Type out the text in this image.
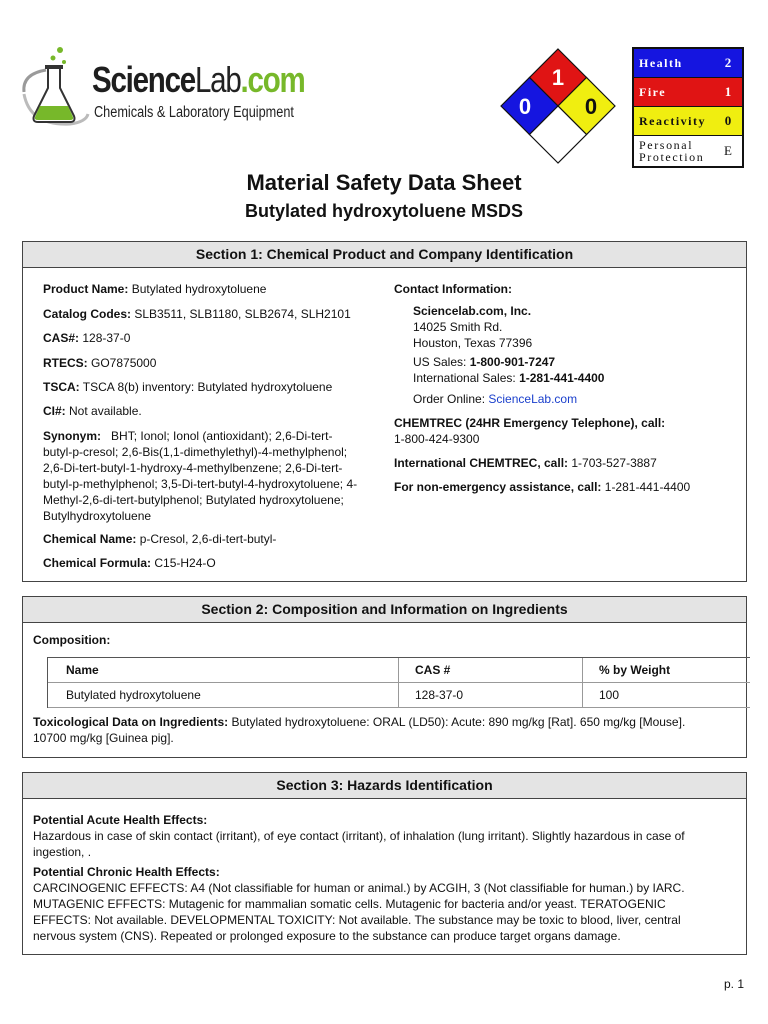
ScienceLab.com
Chemicals & Laboratory Equipment
1
0 0
Health	2
Fire	1
Reactivity	0
Personal
Protection	E
Material Safety Data Sheet
Butylated hydroxytoluene MSDS
Section 1: Chemical Product and Company Identification
Product Name: Butylated hydroxytoluene
Catalog Codes: SLB3511, SLB1180, SLB2674, SLH2101
CAS#: 128-37-0
RTECS: GO7875000
TSCA: TSCA 8(b) inventory: Butylated hydroxytoluene
CI#: Not available.
Synonym: BHT; Ionol; Ionol (antioxidant); 2,6-Di-tert-
butyl-p-cresol; 2,6-Bis(1,1-dimethylethyl)-4-methylphenol;
2,6-Di-tert-butyl-1-hydroxy-4-methylbenzene; 2,6-Di-tert-
butyl-p-methylphenol; 3,5-Di-tert-butyl-4-hydroxytoluene; 4-
Methyl-2,6-di-tert-butylphenol; Butylated hydroxytoluene;
Butylhydroxytoluene
Chemical Name: p-Cresol, 2,6-di-tert-butyl-
Chemical Formula: C15-H24-O
Contact Information:
Sciencelab.com, Inc.
14025 Smith Rd.
Houston, Texas 77396
US Sales: 1-800-901-7247
International Sales: 1-281-441-4400
Order Online: ScienceLab.com
CHEMTREC (24HR Emergency Telephone), call:
1-800-424-9300
International CHEMTREC, call: 1-703-527-3887
For non-emergency assistance, call: 1-281-441-4400
Section 2: Composition and Information on Ingredients
Composition:
Name	CAS #	% by Weight
Butylated hydroxytoluene	128-37-0	100
Toxicological Data on Ingredients: Butylated hydroxytoluene: ORAL (LD50): Acute: 890 mg/kg [Rat]. 650 mg/kg [Mouse].
10700 mg/kg [Guinea pig].
Section 3: Hazards Identification
Potential Acute Health Effects:
Hazardous in case of skin contact (irritant), of eye contact (irritant), of inhalation (lung irritant). Slightly hazardous in case of
ingestion, .
Potential Chronic Health Effects:
CARCINOGENIC EFFECTS: A4 (Not classifiable for human or animal.) by ACGIH, 3 (Not classifiable for human.) by IARC.
MUTAGENIC EFFECTS: Mutagenic for mammalian somatic cells. Mutagenic for bacteria and/or yeast. TERATOGENIC
EFFECTS: Not available. DEVELOPMENTAL TOXICITY: Not available. The substance may be toxic to blood, liver, central
nervous system (CNS). Repeated or prolonged exposure to the substance can produce target organs damage.
p. 1
